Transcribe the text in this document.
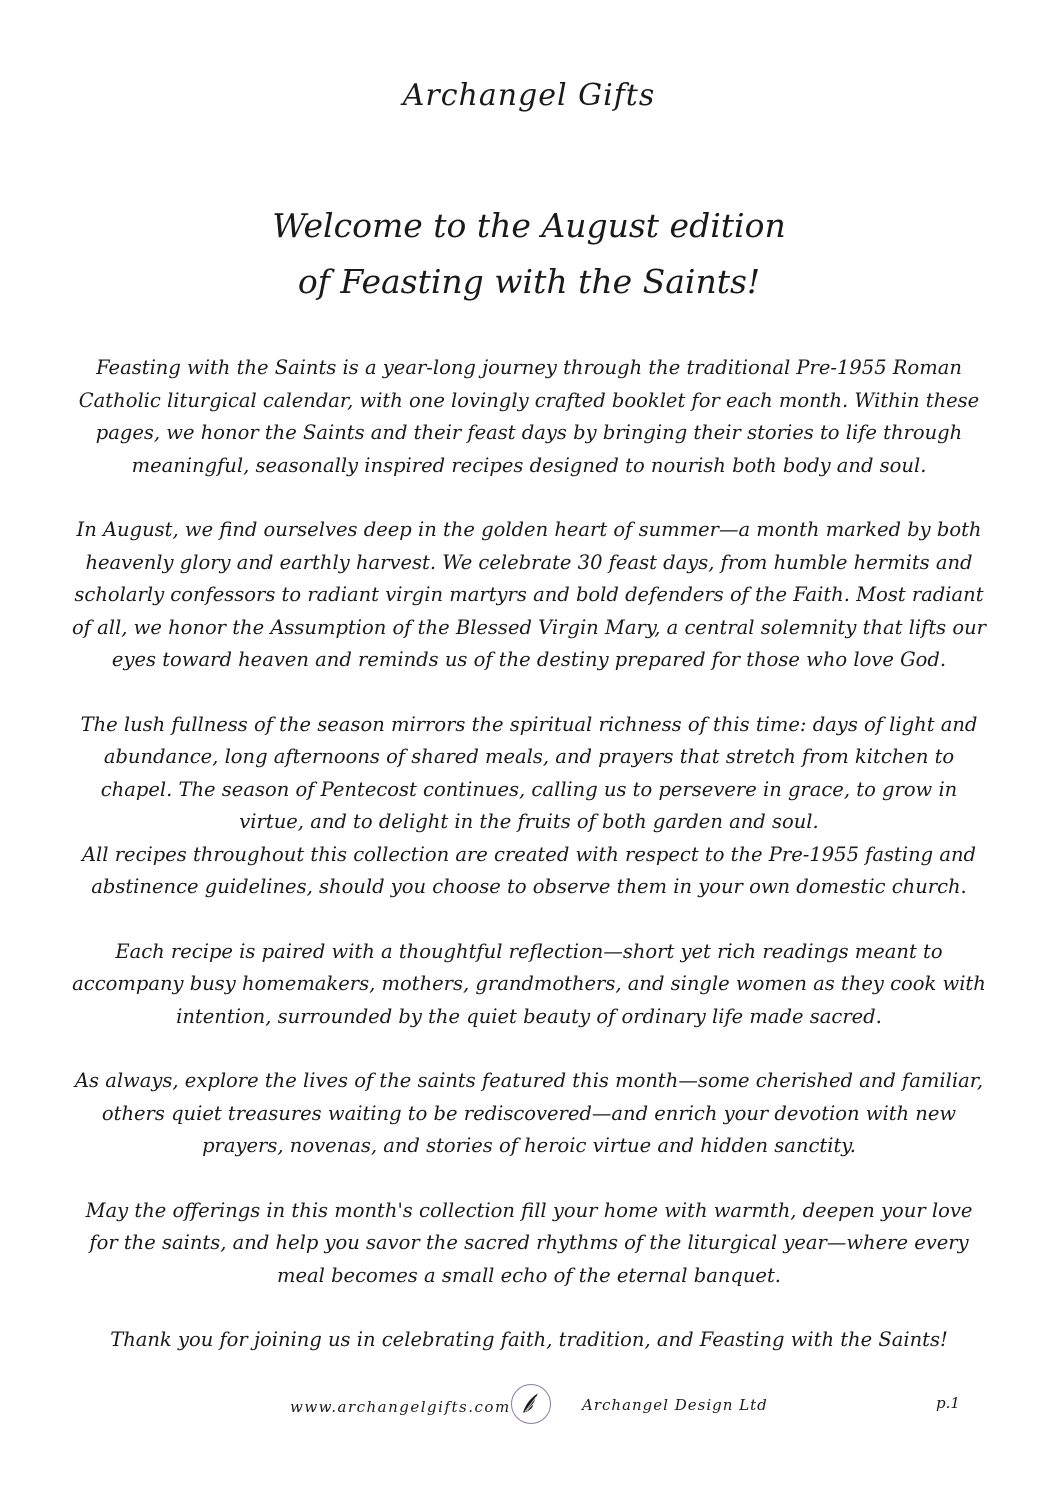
Archangel Gifts
Welcome to the August edition
of Feasting with the Saints!

Feasting with the Saints is a year-long journey through the traditional Pre-1955 Roman Catholic liturgical calendar, with one lovingly crafted booklet for each month. Within these pages, we honor the Saints and their feast days by bringing their stories to life through meaningful, seasonally inspired recipes designed to nourish both body and soul.

In August, we find ourselves deep in the golden heart of summer—a month marked by both heavenly glory and earthly harvest. We celebrate 30 feast days, from humble hermits and scholarly confessors to radiant virgin martyrs and bold defenders of the Faith. Most radiant of all, we honor the Assumption of the Blessed Virgin Mary, a central solemnity that lifts our eyes toward heaven and reminds us of the destiny prepared for those who love God.

The lush fullness of the season mirrors the spiritual richness of this time: days of light and abundance, long afternoons of shared meals, and prayers that stretch from kitchen to chapel. The season of Pentecost continues, calling us to persevere in grace, to grow in virtue, and to delight in the fruits of both garden and soul.

All recipes throughout this collection are created with respect to the Pre-1955 fasting and abstinence guidelines, should you choose to observe them in your own domestic church.

Each recipe is paired with a thoughtful reflection—short yet rich readings meant to accompany busy homemakers, mothers, grandmothers, and single women as they cook with intention, surrounded by the quiet beauty of ordinary life made sacred.

As always, explore the lives of the saints featured this month—some cherished and familiar, others quiet treasures waiting to be rediscovered—and enrich your devotion with new prayers, novenas, and stories of heroic virtue and hidden sanctity.

May the offerings in this month's collection fill your home with warmth, deepen your love for the saints, and help you savor the sacred rhythms of the liturgical year—where every meal becomes a small echo of the eternal banquet.

Thank you for joining us in celebrating faith, tradition, and Feasting with the Saints!

www.archangelgifts.com	Archangel Design Ltd	p.1
